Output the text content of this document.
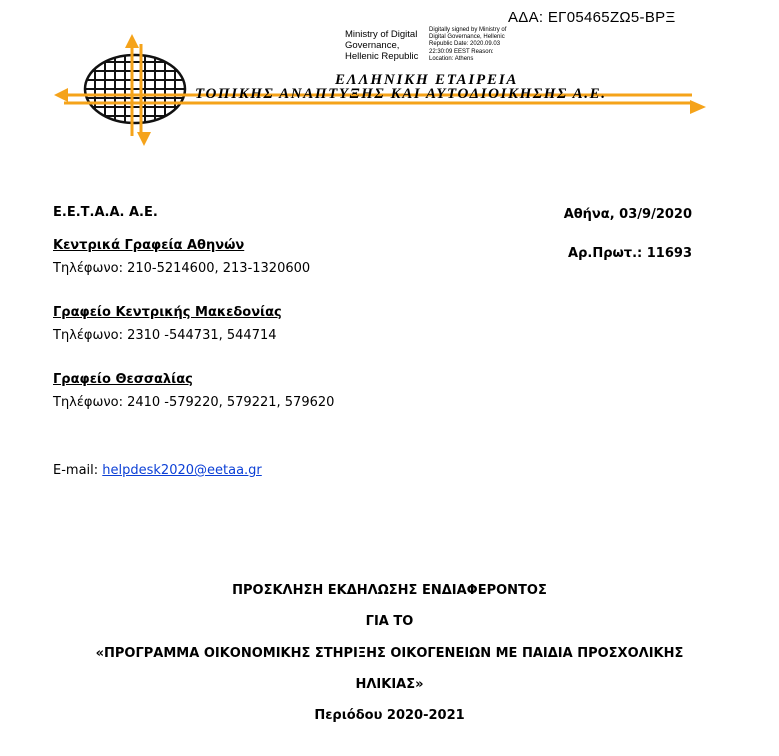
ΑΔΑ: ΕΓ05465ΖΩ5-ΒΡΞ
Ministry of Digital Governance, Hellenic Republic
Digitally signed by Ministry of Digital Governance, Hellenic Republic Date: 2020.09.03 22:30:09 EEST Reason: Location: Athens
ΕΛΛΗΝΙΚΗ ΕΤΑΙΡΕΙΑ
ΤΟΠΙΚΗΣ ΑΝΑΠΤΥΞΗΣ ΚΑΙ ΑΥΤΟΔΙΟΙΚΗΣΗΣ Α.Ε.
Ε.Ε.Τ.Α.Α. Α.Ε.
Κεντρικά Γραφεία Αθηνών
Τηλέφωνο: 210-5214600, 213-1320600
Γραφείο Κεντρικής Μακεδονίας
Τηλέφωνο: 2310 -544731, 544714
Γραφείο Θεσσαλίας
Τηλέφωνο: 2410 -579220, 579221, 579620
E-mail: helpdesk2020@eetaa.gr
Αθήνα, 03/9/2020
Αρ.Πρωτ.: 11693
ΠΡΟΣΚΛΗΣΗ ΕΚΔΗΛΩΣΗΣ ΕΝΔΙΑΦΕΡΟΝΤΟΣ
ΓΙΑ ΤΟ
«ΠΡΟΓΡΑΜΜΑ ΟΙΚΟΝΟΜΙΚΗΣ ΣΤΗΡΙΞΗΣ ΟΙΚΟΓΕΝΕΙΩΝ ΜΕ ΠΑΙΔΙΑ ΠΡΟΣΧΟΛΙΚΗΣ
ΗΛΙΚΙΑΣ»
Περιόδου 2020-2021
